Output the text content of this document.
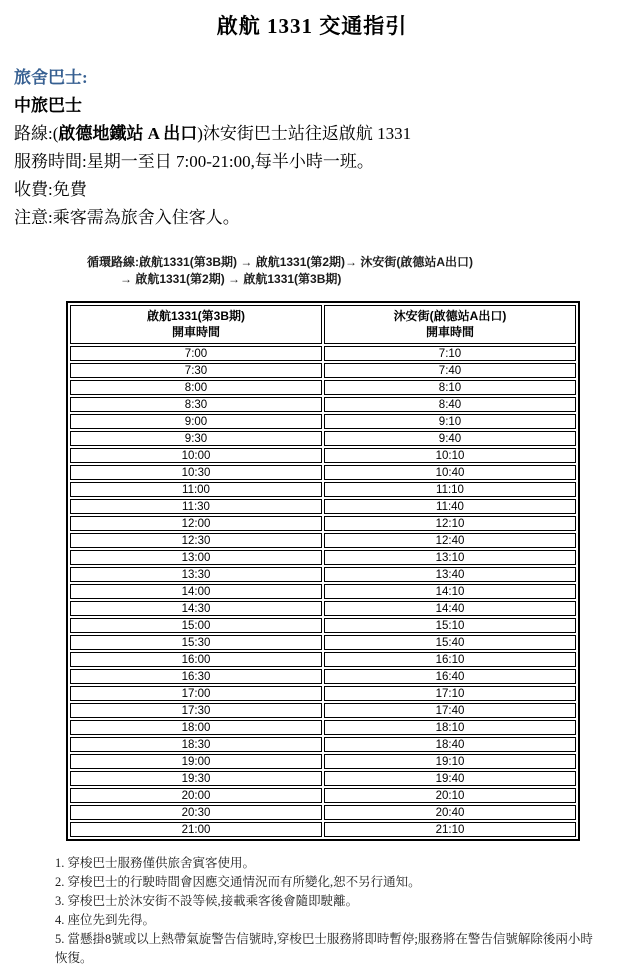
啟航 1331 交通指引
旅舍巴士:
中旅巴士
路線:(啟德地鐵站 A 出口)沐安街巴士站往返啟航 1331
服務時間:星期一至日 7:00-21:00,每半小時一班。
收費:免費
注意:乘客需為旅舍入住客人。
循環路線:啟航1331(第3B期) → 啟航1331(第2期)→ 沐安街(啟德站A出口)
→ 啟航1331(第2期) → 啟航1331(第3B期)
啟航1331(第3B期)
開車時間

沐安街(啟德站A出口)
開車時間

7:00	7:10
7:30	7:40
8:00	8:10
8:30	8:40
9:00	9:10
9:30	9:40
10:00	10:10
10:30	10:40
11:00	11:10
11:30	11:40
12:00	12:10
12:30	12:40
13:00	13:10
13:30	13:40
14:00	14:10
14:30	14:40
15:00	15:10
15:30	15:40
16:00	16:10
16:30	16:40
17:00	17:10
17:30	17:40
18:00	18:10
18:30	18:40
19:00	19:10
19:30	19:40
20:00	20:10
20:30	20:40
21:00	21:10
1. 穿梭巴士服務僅供旅舍賓客使用。
2. 穿梭巴士的行駛時間會因應交通情況而有所變化,恕不另行通知。
3. 穿梭巴士於沐安街不設等候,接載乘客後會隨即駛離。
4. 座位先到先得。
5. 當懸掛8號或以上熱帶氣旋警告信號時,穿梭巴士服務將即時暫停;服務將在警告信號解除後兩小時恢復。
